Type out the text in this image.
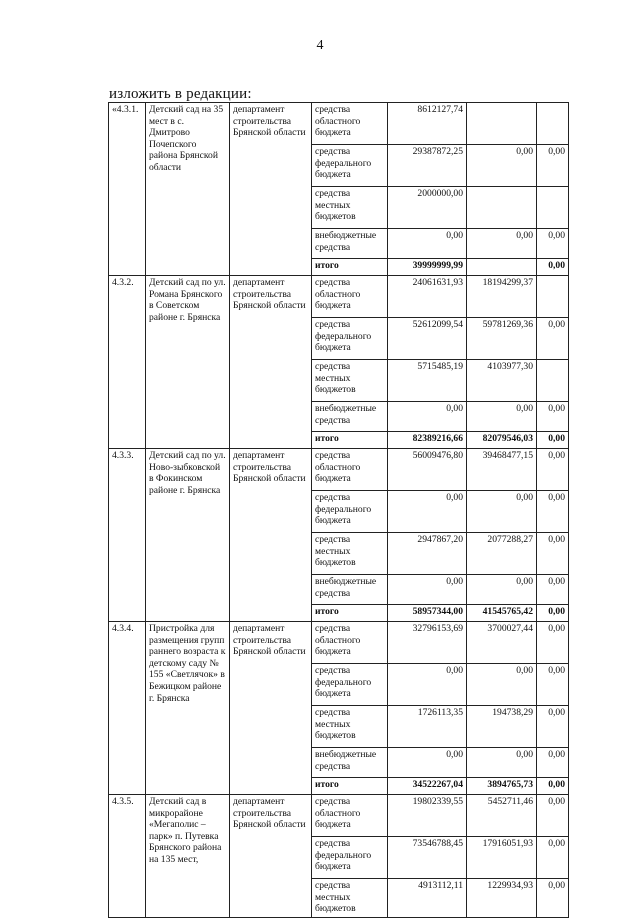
4
изложить в редакции:
«4.3.1.	Детский сад на 35 мест в с. Дмитрово Почепского района Брянской области	департамент строительства Брянской области	средства областного бюджета	8612127,74			
			средства федерального бюджета	29387872,25	0,00	0,00	
			средства местных бюджетов	2000000,00			
			внебюджетные средства	0,00	0,00	0,00	
			итого	39999999,99		0,00	
4.3.2.	Детский сад по ул. Романа Брянского в Советском районе г. Брянска	департамент строительства Брянской области	средства областного бюджета	24061631,93	18194299,37		
			средства федерального бюджета	52612099,54	59781269,36	0,00	
			средства местных бюджетов	5715485,19	4103977,30		
			внебюджетные средства	0,00	0,00	0,00	
			итого	82389216,66	82079546,03	0,00	
4.3.3.	Детский сад по ул. Ново-зыбковской в Фокинском районе г. Брянска	департамент строительства Брянской области	средства областного бюджета	56009476,80	39468477,15	0,00	
			средства федерального бюджета	0,00	0,00	0,00	
			средства местных бюджетов	2947867,20	2077288,27	0,00	
			внебюджетные средства	0,00	0,00	0,00	
			итого	58957344,00	41545765,42	0,00	
4.3.4.	Пристройка для размещения групп раннего возраста к детскому саду № 155 «Светлячок» в Бежицком районе г. Брянска	департамент строительства Брянской области	средства областного бюджета	32796153,69	3700027,44	0,00	
			средства федерального бюджета	0,00	0,00	0,00	
			средства местных бюджетов	1726113,35	194738,29	0,00	
			внебюджетные средства	0,00	0,00	0,00	
			итого	34522267,04	3894765,73	0,00	
4.3.5.	Детский сад в микрорайоне «Мегаполис – парк» п. Путевка Брянского района на 135 мест,	департамент строительства Брянской области	средства областного бюджета	19802339,55	5452711,46	0,00	
			средства федерального бюджета	73546788,45	17916051,93	0,00	
			средства местных бюджетов	4913112,11	1229934,93	0,00	
